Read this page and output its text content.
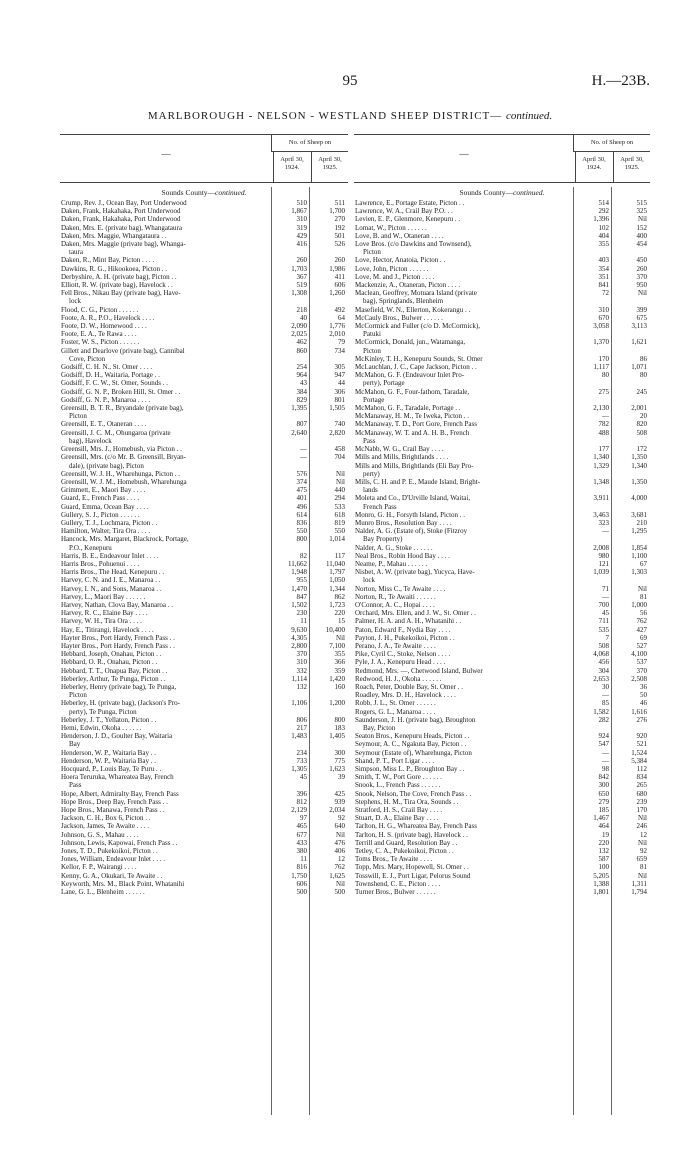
95	H.—23B.
MARLBOROUGH - NELSON - WESTLAND SHEEP DISTRICT— continued.
—
No. of Sheep on
April 30, 1924.
April 30, 1925.
Sounds County—continued.
Crump, Rev. J., Ocean Bay, Port Underwood	510	511
Daken, Frank, Hakahaka, Port Underwood	1,867	1,700
Daken, Frank, Hakahaka, Port Underwood	310	270
Daken, Mrs. E. (private bag), Whangataura	319	192
Daken, Mrs. Maggie, Whangataura . .	429	501
Daken, Mrs. Maggie (private bag), Whanga-	416	526
taura
Daken, R., Mint Bay, Picton . . . .	260	260
Dawkins, R. G., Hikookoea, Picton . .	1,703	1,986
Derbyshire, A. H. (private bag), Picton . .	367	411
Elliott, R. W. (private bag), Havelock . .	519	606
Fell Bros., Nikau Bay (private bag), Have-	1,308	1,260
lock
Flood, C. G., Picton . . . . . .	218	492
Foote, A. R., P.O., Havelock . . . .	40	64
Foote, D. W., Homewood . . . .	2,090	1,776
Foote, E. A., Te Rawa . . . .	2,025	2,010
Foster, W. S., Picton . . . . . .	462	79
Gillett and Dearlove (private bag), Cannibal	860	734
Cove, Picton
Godsiff, C. H. N., St. Omer . . . .	254	305
Godsiff, D. H., Waitaria, Portage . .	964	947
Godsiff, F. C. W., St. Omer, Sounds . .	43	44
Godsiff, G. N. P., Broken Hill, St. Omer . .	384	306
Godsiff, G. N. P., Manaroa . . . .	829	801
Greensill, B. T. R., Bryandale (private bag),	1,395	1,505
Picton
Greensill, E. T., Otaneran . . . .	807	740
Greensill, J. C. M., Ohungaroa (private	2,640	2,820
bag), Havelock
Greensill, Mrs. J., Homebush, via Picton . .	—	458
Greensill, Mrs. (c/o Mr. B. Greensill, Bryan-	—	704
dale), (private bag), Picton
Greensill, W. J. H., Wharehunga, Picton . .	576	Nil
Greensill, W. J. M., Homebush, Wharehunga	374	Nil
Grimmett, E., Maori Bay . . . .	475	440
Guard, E., French Pass . . . .	401	294
Guard, Emma, Ocean Bay . . . .	496	533
Gullery, S. J., Picton . . . . . .	614	618
Gullery, T. J., Lochmara, Picton . .	836	819
Hamilton, Walter, Tira Ora . . . .	550	550
Hancock, Mrs. Margaret, Blackrock, Portage,	800	1,014
P.O., Kenepuru
Harris, B. E., Endeavour Inlet . . . .	82	117
Harris Bros., Pohuenui . . . .	11,662	11,040
Harris Bros., The Head, Kenepuru . .	1,948	1,797
Harvey, C. N. and I. E., Manaroa . .	955	1,050
Harvey, I. N., and Sons, Manaroa . .	1,470	1,344
Harvey, L., Maori Bay . . . . . .	847	862
Harvey, Nathan, Clova Bay, Manaroa . .	1,502	1,723
Harvey, R. C., Elaine Bay . . . .	230	220
Harvey, W. H., Tira Ora . . . .	11	15
Hay, E., Titirangi, Havelock . . . .	9,630	10,400
Hayter Bros., Port Hardy, French Pass . .	4,305	Nil
Hayter Bros., Port Hardy, French Pass . .	2,800	7,100
Hebbard, Joseph, Onahau, Picton . .	370	355
Hebbard, O. R., Onahau, Picton . .	310	366
Hebbard, T. T., Onapua Bay, Picton . .	332	359
Heberley, Arthur, Te Punga, Picton . .	1,114	1,420
Heberley, Henry (private bag), Te Punga,	132	160
Picton
Heberley, H. (private bag), (Jackson's Pro-	1,106	1,200
perty), Te Punga, Picton
Heberley, J. T., Yellaton, Picton . .	806	800
Hemi, Edwin, Okoha . . . . . .	217	183
Henderson, J. D., Goulter Bay, Waitaria	1,483	1,405
Bay
Henderson, W. P., Waitaria Bay . .	234	300
Henderson, W. P., Waitaria Bay . .	733	775
Hocquard, P., Louis Bay, Te Puru . .	1,305	1,623
Hoera Teruruka, Whareatea Bay, French	45	39
Pass
Hope, Albert, Admiralty Bay, French Pass	396	425
Hope Bros., Deep Bay, French Pass . .	812	939
Hope Bros., Manawa, French Pass . .	2,129	2,034
Jackson, C. H., Box 6, Picton . .	97	92
Jackson, James, Te Awaite . . . .	465	640
Johnson, G. S., Mahau . . . .	677	Nil
Johnson, Lewis, Kapowai, French Pass . .	433	476
Jones, T. D., Pukekoikoi, Picton . .	380	406
Jones, William, Endeavour Inlet . . . .	11	12
Kellor, F. P., Wairangi . . . .	816	762
Kenny, G. A., Okukari, Te Awaite . .	1,750	1,625
Keyworth, Mrs. M., Black Point, Whatanihi	606	Nil
Lane, G. L., Blenheim . . . . . .	500	500
—
No. of Sheep on
April 30, 1924.
April 30, 1925.
Sounds County—continued.
Lawrence, E., Portage Estate, Picton . .	514	515
Lawrence, W. A., Crail Bay P.O. . .	292	325
Levien, E. P., Glenmore, Kenepuru . .	1,396	Nil
Lomat, W., Picton . . . . . .	102	152
Love, B. and W., Otaneran . . . .	404	400
Love Bros. (c/o Dawkins and Townsend),	355	454
Picton
Love, Hector, Anatoia, Picton . .	403	450
Love, John, Picton . . . . . .	354	260
Love, M. and J., Picton . . . .	351	370
Mackenzie, A., Otaneran, Picton . . . .	841	950
Maclean, Geoffrey, Motuara Island (private	72	Nil
bag), Springlands, Blenheim
Masefield, W. N., Ellerton, Kokerangu . .	310	399
McCauly Bros., Bulwer . . . . . .	670	675
McCormick and Fuller (c/o D. McCormick),	3,058	3,113
Patuki
McCormick, Donald, jun., Watamanga,	1,370	1,621
Picton
McKinley, T. H., Kenepuru Sounds, St. Omer	170	86
McLauchlan, J. C., Cape Jackson, Picton . .	1,117	1,071
McMahon, G. F. (Endeavour Inlet Pro-	80	80
perty), Portage
McMahon, G. F., Four-fathom, Taradale,	275	245
Portage
McMahon, G. F., Taradale, Portage . .	2,130	2,001
McManaway, H. M., Te Iweka, Picton . .	—	20
McManaway, T. D., Port Gore, French Pass	782	820
McManaway, W. T. and A. H. B., French	488	508
Pass
McNabb, W. G., Crail Bay . . . .	177	172
Mills and Mills, Brightlands . . . .	1,340	1,350
Mills and Mills, Brightlands (Eli Bay Pro-	1,329	1,340
perty)
Mills, C. H. and P. E., Maude Island, Bright-	1,348	1,350
lands
Moleta and Co., D'Urville Island, Waitai,	3,911	4,000
French Pass
Monro, G. H., Forsyth Island, Picton . .	3,463	3,681
Munro Bros., Resolution Bay . . . .	323	210
Nalder, A. G. (Estate of), Stoke (Fitzroy	—	1,295
Bay Property)
Nalder, A. G., Stoke . . . . . .	2,008	1,854
Neal Bros., Robin Hood Bay . . . .	980	1,100
Neame, P., Mahau . . . . . .	121	67
Nisbet, A. W. (private bag), Yucyca, Have-	1,039	1,303
lock
Norton, Miss C., Te Awaite . . . .	71	Nil
Norton, R., Te Awaiti . . . . . .	—	81
O'Connor, A. C., Hopai . . . .	700	1,000
Orchard, Mrs. Ellen, and J. W., St. Omer . .	45	56
Palmer, H. A. and A. H., Whatanihi . .	711	762
Paton, Edward F., Nydia Bay . . . .	535	427
Payton, J. H., Pukekoikoi, Picton . .	7	69
Perano, J. A., Te Awaite . . . .	508	527
Pike, Cyril C., Stoke, Nelson . . . .	4,068	4,100
Pyle, J. A., Kenepuru Head . . . .	456	537
Redmond, Mrs. —, Chetwood Island, Bulwer	304	370
Redwood, H. J., Okoha . . . . . .	2,653	2,508
Roach, Peter, Double Bay, St. Omer . .	30	36
Roadley, Mrs. D. H., Havelock . . . .	—	50
Robb, J. L., St. Omer . . . . . .	85	46
Rogers, G. L., Manaroa . . . .	1,582	1,616
Saunderson, J. H. (private bag), Broughton	282	276
Bay, Picton
Seaton Bros., Kenepuru Heads, Picton . .	924	920
Seymour, A. C., Ngakuta Bay, Picton . .	547	521
Seymour (Estate of), Wharehunga, Picton	—	1,524
Shand, P. T., Port Ligar . . . .	—	5,384
Simpson, Miss L. P., Broughton Bay . .	98	112
Smith, T. W., Port Gore . . . . . .	842	834
Snook, L., French Pass . . . . . .	300	265
Snook, Nelson, The Cove, French Pass . .	650	680
Stephens, H. M., Tira Ora, Sounds . .	279	239
Stratford, H. S., Crail Bay . . . .	185	170
Stuart, D. A., Elaine Bay . . . .	1,467	Nil
Tarlton, H. G., Whareatea Bay, French Pass	464	246
Tarlton, H. S. (private bag), Havelock . .	19	12
Terrill and Guard, Resolution Bay . .	220	Nil
Tetley, C. A., Pukekoikoi, Picton . .	132	92
Toms Bros., Te Awaite . . . .	587	659
Topp, Mrs. Mary, Hopewell, St. Omer . .	100	81
Tosswill, E. J., Port Ligar, Pelorus Sound	5,205	Nil
Townshend, C. E., Picton . . . .	1,388	1,311
Turner Bros., Bulwer . . . . . .	1,801	1,794
